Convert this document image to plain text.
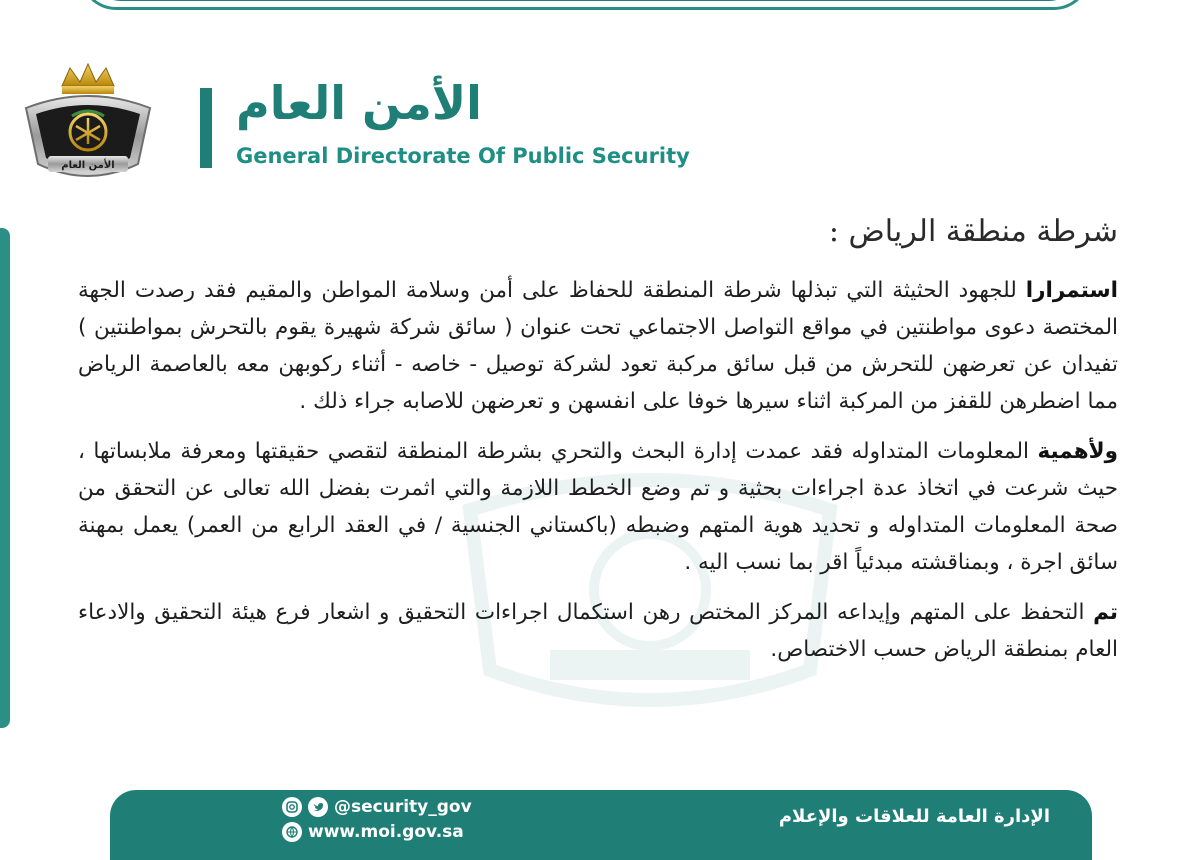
الأمن العام
الأمن العام
General Directorate Of Public Security
شرطة منطقة الرياض :

استمرارا للجهود الحثيثة التي تبذلها شرطة المنطقة للحفاظ على أمن وسلامة المواطن والمقيم فقد رصدت الجهة المختصة دعوى مواطنتين في مواقع التواصل الاجتماعي تحت عنوان ( سائق شركة شهيرة يقوم بالتحرش بمواطنتين ) تفيدان عن تعرضهن للتحرش من قبل سائق مركبة تعود لشركة توصيل - خاصه - أثناء ركوبهن معه بالعاصمة الرياض مما اضطرهن للقفز من المركبة اثناء سيرها خوفا على انفسهن و تعرضهن للاصابه جراء ذلك .

ولأهمية المعلومات المتداوله فقد عمدت إدارة البحث والتحري بشرطة المنطقة لتقصي حقيقتها ومعرفة ملابساتها ، حيث شرعت في اتخاذ عدة اجراءات بحثية و تم وضع الخطط اللازمة والتي اثمرت بفضل الله تعالى عن التحقق من صحة المعلومات المتداوله و تحديد هوية المتهم وضبطه (باكستاني الجنسية / في العقد الرابع من العمر) يعمل بمهنة سائق اجرة ، وبمناقشته مبدئياً اقر بما نسب اليه .

تم التحفظ على المتهم وإيداعه المركز المختص رهن استكمال اجراءات التحقيق و اشعار فرع هيئة التحقيق والادعاء العام بمنطقة الرياض حسب الاختصاص.

الإدارة العامة للعلاقات والإعلام
@security_gov
www.moi.gov.sa
